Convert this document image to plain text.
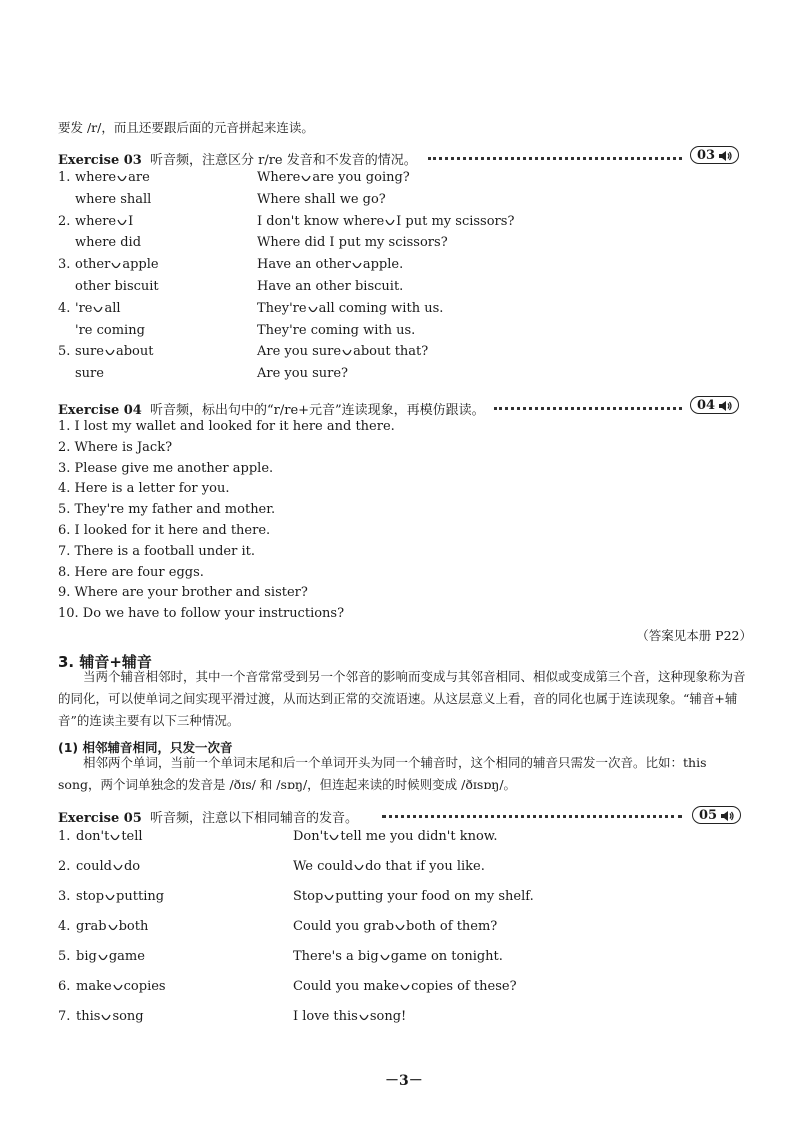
要发 /r/，而且还要跟后面的元音拼起来连读。
Exercise 03 听音频，注意区分 r/re 发音和不发音的情况。	03
1. where are	Where are you going?
where shall	Where shall we go?
2. where I	I don't know where I put my scissors?
where did	Where did I put my scissors?
3. other apple	Have an other apple.
other biscuit	Have an other biscuit.
4. 're all	They're all coming with us.
're coming	They're coming with us.
5. sure about	Are you sure about that?
sure	Are you sure?
Exercise 04 听音频，标出句中的“r/re+元音”连读现象，再模仿跟读。	04
1. I lost my wallet and looked for it here and there.
2. Where is Jack?
3. Please give me another apple.
4. Here is a letter for you.
5. They're my father and mother.
6. I looked for it here and there.
7. There is a football under it.
8. Here are four eggs.
9. Where are your brother and sister?
10. Do we have to follow your instructions?
（答案见本册 P22）
3. 辅音+辅音
当两个辅音相邻时，其中一个音常常受到另一个邻音的影响而变成与其邻音相同、相似或变成第三个音，这种现象称为音的同化，可以使单词之间实现平滑过渡，从而达到正常的交流语速。从这层意义上看，音的同化也属于连读现象。“辅音+辅音”的连读主要有以下三种情况。
(1) 相邻辅音相同，只发一次音
相邻两个单词，当前一个单词末尾和后一个单词开头为同一个辅音时，这个相同的辅音只需发一次音。比如：this song，两个词单独念的发音是 /ðɪs/ 和 /sɒŋ/，但连起来读的时候则变成 /ðɪsɒŋ/。
Exercise 05 听音频，注意以下相同辅音的发音。	05
1. don't tell	Don't tell me you didn't know.
2. could do	We could do that if you like.
3. stop putting	Stop putting your food on my shelf.
4. grab both	Could you grab both of them?
5. big game	There's a big game on tonight.
6. make copies	Could you make copies of these?
7. this song	I love this song!
－3－
